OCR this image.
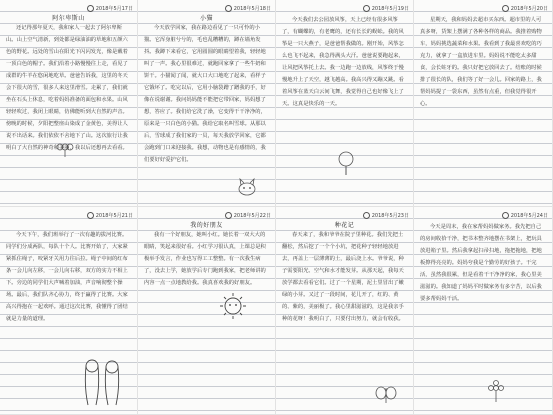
2018年5月17日
阿尔卑斯山
还记得那年夏天，我和家人一起去了阿尔卑斯山。山上空气清新，到处都是绿油油的草地和五颜六色的野花。远处的雪山在阳光下闪闪发光，像是戴着一顶白色的帽子。我们沿着小路慢慢往上走，看见了成群的牛羊在悠闲地吃草。爸爸告诉我，这里的冬天会下很大的雪，很多人来这里滑雪。走累了，我们就坐在石头上休息，吃着妈妈准备的面包和水果。山风轻轻吹过，我闭上眼睛，仿佛能听到大自然的声音。傍晚的时候，夕阳把整座山染成了金黄色，美得让人说不出话来。我们依依不舍地下了山。这次旅行让我明白了大自然的神奇和美丽，我以后还想再去看看。
2018年5月18日
小猫
今天放学回家，我在路边看见了一只可怜的小猫。它浑身脏兮兮的，毛也乱糟糟的，蹲在墙角发抖。我蹲下来看它，它用圆圆的眼睛望着我，轻轻地叫了一声。我心里很难过，就跑回家拿了一些牛奶和饼干。小猫闻了闻，就大口大口地吃了起来，看样子它饿坏了。吃完以后，它用小脑袋蹭了蹭我的手，好像在说谢谢。我问妈妈能不能把它带回家，妈妈想了想，答应了。我们给它洗了澡，它变得干干净净的，原来是一只白色的小猫。我给它取名叫雪球。从那以后，雪球成了我们家的一员，每天我放学回家，它都会跑到门口来迎接我。我想，动物也是有感情的，我们要好好爱护它们。
2018年5月19日
今天我们去公园放风筝，天上已经有很多风筝了，有蝴蝶的，有老鹰的，还有长长的蜈蚣。我的风筝是一只大燕子，是爸爸帮我做的。刚开始，风筝怎么也飞不起来，我急得满头大汗。爸爸说要跑起来，让风把风筝托上去。我一边跑一边放线，风筝终于慢慢地升上了天空，越飞越高。我高兴得又蹦又跳。看着风筝在蓝天白云间飞舞，我觉得自己也好像飞上了天。这真是快乐的一天。
2018年5月20日
星期天，我和妈妈去超市买东西。超市里的人可真多呀，货架上摆满了各种各样的商品。我推着购物车，妈妈挑选蔬菜和水果。我看到了我最喜欢吃的巧克力，就拿了一盒放进车里。妈妈说不能吃太多甜食，会长蛀牙的。我只好把它放回去了。结账的时候排了很长的队，我们等了好一会儿。回家的路上，我帮妈妈提了一袋东西，虽然有点重，但我觉得很开心。
2018年5月21日
今天下午，我们班举行了一次有趣的拔河比赛。同学们分成两队，每队十个人。比赛开始了，大家紧紧抓住绳子，咬紧牙关用力往后拉。绳子中间的红布条一会儿向左移，一会儿向右移，双方的实力不相上下。旁边的同学们大声喊着加油，声音响彻整个操场。最后，我们队齐心协力，终于赢得了比赛。大家高兴得抱在一起欢呼。通过这次比赛，我懂得了团结就是力量的道理。
2018年5月22日
我的好朋友
我有一个好朋友，她叫小红。她长着一双大大的眼睛，笑起来很好看。小红学习很认真，上课总是积极举手发言，作业也写得工工整整。有一次我生病了，没去上学，她放学后专门跑到我家，把老师讲的内容一点一点地教给我。我真喜欢我的好朋友。
2018年5月23日
种花记
春天来了，我和爷爷在院子里种花。我们先把土翻松，然后挖了一个个小坑，把花种子轻轻地放进去，再盖上一层薄薄的土，最后浇上水。爷爷说，种子需要阳光、空气和水才能发芽。从那天起，我每天放学都去看看它们。过了一个星期，泥土里冒出了嫩绿的小芽。又过了一段时间，花儿开了，红的、黄的、紫的，美丽极了。我心里甜滋滋的，这是我亲手种的花呀！我明白了，只要付出努力，就会有收获。
2018年5月24日
今天是周末，我在家帮妈妈做家务。我先把自己的房间收拾干净，把书本整齐地摆在书架上，把玩具放进箱子里。然后我拿起扫帚扫地，拖把拖地，把地板擦得亮亮的。妈妈夸我是个勤劳的好孩子。干完活，虽然我很累，但是看着干干净净的家，我心里美滋滋的。我知道了妈妈平时做家务有多辛苦，以后我要多帮妈妈干活。
